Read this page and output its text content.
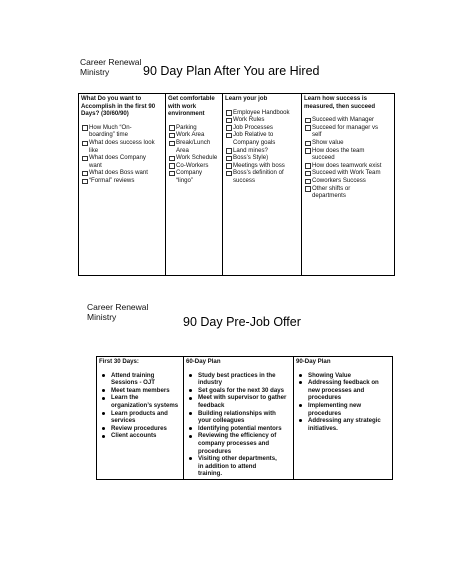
Career Renewal
Ministry	90 Day Plan After You are Hired
What Do you want to
Accomplish in the first 90
Days? (30/60/90)
How Much “On-
boarding” time
What does success look
like
What does Company
want
What does Boss want
“Formal” reviews

Get comfortable
with work
environment
Parking
Work Area
Break/Lunch
Area
Work Schedule
Co-Workers
Company
“lingo”

Learn your job
Employee Handbook
Work Rules
Job Processes
Job Relative to
Company goals
Land mines?
Boss’s Style)
Meetings with boss
Boss’s definition of
success

Learn how success is
measured, then succeed
Succeed with Manager
Succeed for manager vs
self
Show value
How does the team
succeed
How does teamwork exist
Succeed with Work Team
Coworkers Success
Other shifts or
departments
Career Renewal
Ministry	90 Day Pre-Job Offer
First 30 Days:
Attend training
Sessions - OJT
Meet team members
Learn the
organization’s systems
Learn products and
services
Review procedures
Client accounts

60-Day Plan
Study best practices in the
industry
Set goals for the next 30 days
Meet with supervisor to gather
feedback
Building relationships with
your colleagues
Identifying potential mentors
Reviewing the efficiency of
company processes and
procedures
Visiting other departments,
in addition to attend
training.

90-Day Plan
Showing Value
Addressing feedback on
new processes and
procedures
Implementing new
procedures
Addressing any strategic
initiatives.
